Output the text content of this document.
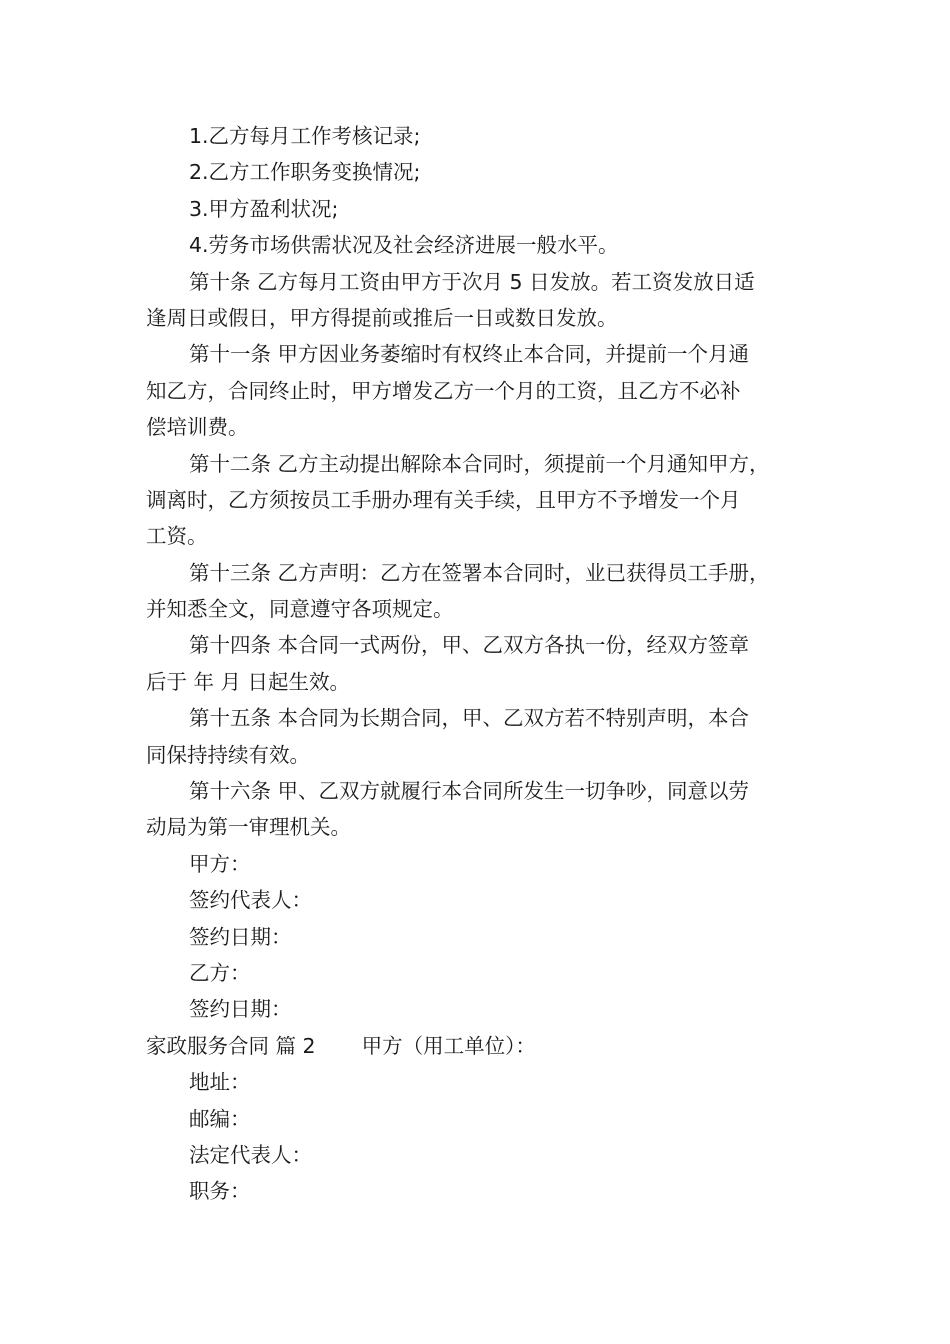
1.乙方每月工作考核记录;
2.乙方工作职务变换情况;
3.甲方盈利状况;
4.劳务市场供需状况及社会经济进展一般水平。
第十条 乙方每月工资由甲方于次月 5 日发放。若工资发放日适
逢周日或假日，甲方得提前或推后一日或数日发放。
第十一条 甲方因业务萎缩时有权终止本合同，并提前一个月通
知乙方，合同终止时，甲方增发乙方一个月的工资，且乙方不必补
偿培训费。
第十二条 乙方主动提出解除本合同时，须提前一个月通知甲方，
调离时，乙方须按员工手册办理有关手续，且甲方不予增发一个月
工资。
第十三条 乙方声明：乙方在签署本合同时，业已获得员工手册，
并知悉全文，同意遵守各项规定。
第十四条 本合同一式两份，甲、乙双方各执一份，经双方签章
后于 年 月 日起生效。
第十五条 本合同为长期合同，甲、乙双方若不特别声明，本合
同保持持续有效。
第十六条 甲、乙双方就履行本合同所发生一切争吵，同意以劳
动局为第一审理机关。
甲方：
签约代表人：
签约日期：
乙方：
签约日期：
家政服务合同 篇 2 甲方（用工单位）：
地址：
邮编：
法定代表人：
职务：
